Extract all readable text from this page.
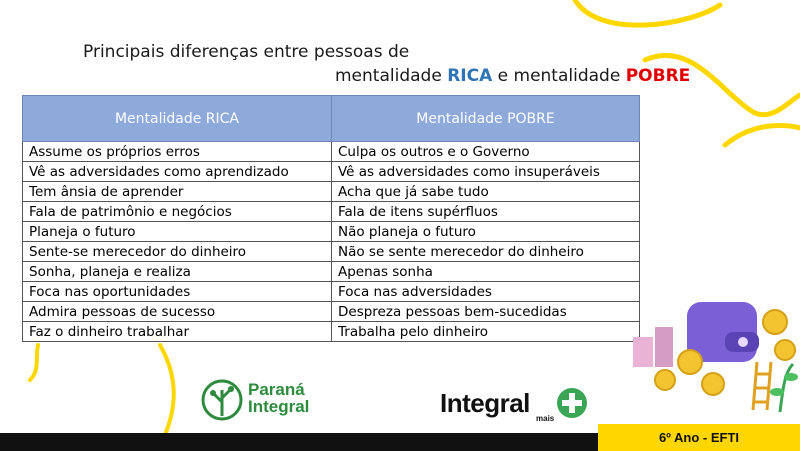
Principais diferenças entre pessoas de
mentalidade RICA e mentalidade POBRE
Mentalidade RICA	Mentalidade POBRE
Assume os próprios erros	Culpa os outros e o Governo
Vê as adversidades como aprendizado	Vê as adversidades como insuperáveis
Tem ânsia de aprender	Acha que já sabe tudo
Fala de patrimônio e negócios	Fala de itens supérfluos
Planeja o futuro	Não planeja o futuro
Sente-se merecedor do dinheiro	Não se sente merecedor do dinheiro
Sonha, planeja e realiza	Apenas sonha
Foca nas oportunidades	Foca nas adversidades
Admira pessoas de sucesso	Despreza pessoas bem-sucedidas
Faz o dinheiro trabalhar	Trabalha pelo dinheiro
Paraná
Integral	Integral
mais
6º Ano - EFTI
